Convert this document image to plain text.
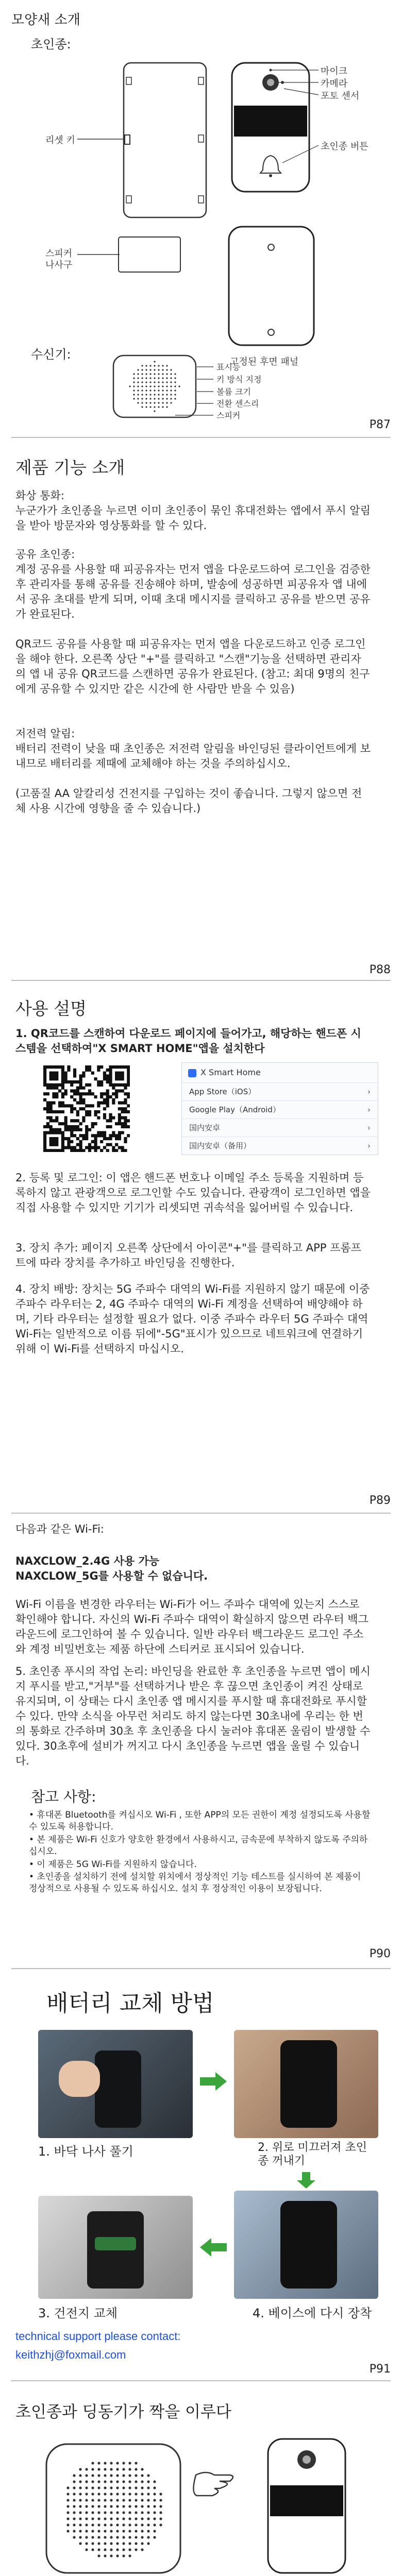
모양새 소개
초인종:
마이크
카메라
포토 센서
리셋 키
초인종 버튼
스피커
나사구
고정된 후면 패널
수신기:
표시등
키 방식 지정
볼륨 크기
전환 센스리
스피커
P87
제품 기능 소개
화상 통화:
누군가가 초인종을 누르면 이미 초인종이 묶인 휴대전화는 앱에서 푸시 알림을 받아 방문자와 영상통화를 할 수 있다.
공유 초인종:
계정 공유를 사용할 때 피공유자는 먼저 앱을 다운로드하여 로그인을 검증한 후 관리자를 통해 공유를 진송해야 하며, 발송에 성공하면 피공유자 앱 내에서 공유 초대를 받게 되며, 이때 초대 메시지를 클릭하고 공유를 받으면 공유가 완료된다.
QR코드 공유를 사용할 때 피공유자는 먼저 앱을 다운로드하고 인증 로그인을 해야 한다. 오른쪽 상단 "+"를 클릭하고 "스캔"기능을 선택하면 관리자의 앱 내 공유 QR코드를 스캔하면 공유가 완료된다. (참고: 최대 9명의 친구에게 공유할 수 있지만 같은 시간에 한 사람만 받을 수 있음)
저전력 알림:
배터리 전력이 낮을 때 초인종은 저전력 알림을 바인딩된 클라이언트에게 보내므로 배터리를 제때에 교체해야 하는 것을 주의하십시오.
(고품질 AA 알칼리성 건전지를 구입하는 것이 좋습니다. 그렇지 않으면 전체 사용 시간에 영향을 줄 수 있습니다.)
P88
사용 설명
1. QR코드를 스캔하여 다운로드 페이지에 들어가고, 해당하는 핸드폰 시스템을 선택하여"X SMART HOME"앱을 설치한다
X Smart Home
App Store（iOS）	›
Google Play（Android）	›
国内安卓	›
国内安卓（备用）	›
2. 등록 및 로그인: 이 앱은 핸드폰 번호나 이메일 주소 등록을 지원하며 등록하지 않고 관광객으로 로그인할 수도 있습니다. 관광객이 로그인하면 앱을 직접 사용할 수 있지만 기기가 리셋되면 귀속석을 잃어버릴 수 있습니다.
3. 장치 추가: 페이지 오른쪽 상단에서 아이콘"+"를 클릭하고 APP 프롬프트에 따라 장치를 추가하고 바인딩을 진행한다.
4. 장치 배방: 장치는 5G 주파수 대역의 Wi-Fi를 지원하지 않기 때문에 이중 주파수 라우터는 2, 4G 주파수 대역의 Wi-Fi 계정을 선택하여 배양해야 하며, 기타 라우터는 설정할 필요가 없다. 이중 주파수 라우터 5G 주파수 대역 Wi-Fi는 일반적으로 이름 뒤에"-5G"표시가 있으므로 네트워크에 연결하기 위해 이 Wi-Fi를 선택하지 마십시오.
P89
다음과 같은 Wi-Fi:
NAXCLOW_2.4G 사용 가능
NAXCLOW_5G를 사용할 수 없습니다.
Wi-Fi 이름을 변경한 라우터는 Wi-Fi가 어느 주파수 대역에 있는지 스스로 확인해야 합니다. 자신의 Wi-Fi 주파수 대역이 확실하지 않으면 라우터 백그라운드에 로그인하여 볼 수 있습니다. 일반 라우터 백그라운드 로그인 주소와 계정 비밀번호는 제품 하단에 스티커로 표시되어 있습니다.
5. 초인종 푸시의 작업 논리: 바인딩을 완료한 후 초인종을 누르면 앱이 메시지 푸시를 받고,"거부"를 선택하거나 받은 후 끊으면 초인종이 켜진 상태로 유지되며, 이 상태는 다시 초인종 앱 메시지를 푸시할 때 휴대전화로 푸시할 수 있다. 만약 소식을 아무런 처리도 하지 않는다면 30초내에 우리는 한 번의 통화로 간주하며 30초 후 초인종을 다시 눌러야 휴대폰 울림이 발생할 수 있다. 30초후에 설비가 꺼지고 다시 초인종을 누르면 앱을 울릴 수 있습니다.
참고 사항:
• 휴대폰 Bluetooth를 켜십시오 Wi-Fi , 또한 APP의 모든 권한이 계정 설정되도록 사용할 수 있도록 허용합니다.
• 본 제품은 Wi-Fi 신호가 양호한 환경에서 사용하시고, 금속문에 부착하지 않도록 주의하십시오.
• 이 제품은 5G Wi-Fi를 지원하지 않습니다.
• 초인종을 설치하기 전에 설치할 위치에서 정상적인 기능 테스트를 실시하여 본 제품이 정상적으로 사용될 수 있도록 하십시오. 설치 후 정상적인 이용이 보장됩니다.
P90
배터리 교체 방법
1. 바닥 나사 풀기	2. 위로 미끄러져 초인종 꺼내기
3. 건전지 교체	4. 베이스에 다시 장착
technical support please contact:
keithzhj@foxmail.com
P91
초인종과 딩동기가 짝을 이루다
